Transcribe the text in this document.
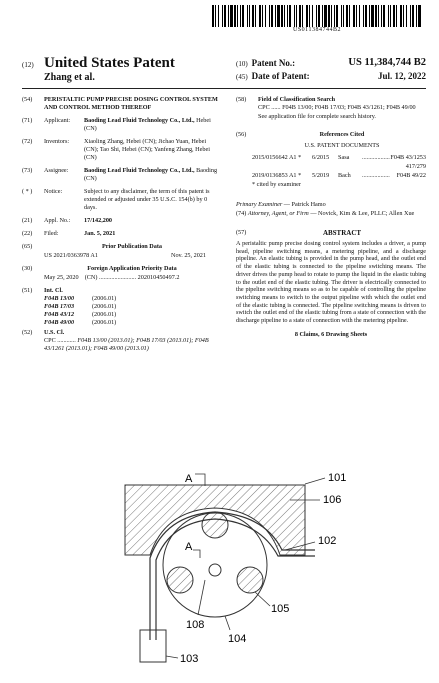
US011384744B2
(12) United States Patent
Zhang et al.
(10) Patent No.:	US 11,384,744 B2
(45) Date of Patent:	Jul. 12, 2022
(54)	PERISTALTIC PUMP PRECISE DOSING CONTROL SYSTEM AND CONTROL METHOD THEREOF
(71)	Applicant:	Baoding Lead Fluid Technology Co., Ltd., Hebei (CN)
(72)	Inventors:	Xiaoling Zhang, Hebei (CN); Jichao Yuan, Hebei (CN); Tao Shi, Hebei (CN); Yanfeng Zhang, Hebei (CN)
(73)	Assignee:	Baoding Lead Fluid Technology Co., Ltd., Baoding (CN)
( * )	Notice:	Subject to any disclaimer, the term of this patent is extended or adjusted under 35 U.S.C. 154(b) by 0 days.
(21)	Appl. No.:	17/142,200
(22)	Filed:	Jan. 5, 2021
(65)	Prior Publication Data
US 2021/0363978 A1	Nov. 25, 2021
(30)	Foreign Application Priority Data
May 25, 2020 (CN) ........................ 202010450497.2
(51)	Int. Cl.
F04B 13/00	(2006.01)
F04B 17/03	(2006.01)
F04B 43/12	(2006.01)
F04B 49/00	(2006.01)
(52)	U.S. Cl.
CPC ............ F04B 13/00 (2013.01); F04B 17/03 (2013.01); F04B 43/1261 (2013.01); F04B 49/00 (2013.01)
(58)	Field of Classification Search
CPC ...... F04B 13/00; F04B 17/03; F04B 43/1261; F04B 49/00
See application file for complete search history.
(56)	References Cited
U.S. PATENT DOCUMENTS
2015/0156642 A1 *	6/2015	Sasa	.................. F04B 43/1253
417/279
2019/0136853 A1 *	5/2019	Bach	..................	F04B 49/22
* cited by examiner
Primary Examiner — Patrick Hamo
(74) Attorney, Agent, or Firm — Novick, Kim & Lee, PLLC; Allen Xue
(57)	ABSTRACT
A peristaltic pump precise dosing control system includes a driver, a pump head, pipeline switching means, a metering pipeline, and a discharge pipeline. An elastic tubing is provided in the pump head, and the outlet end of the elastic tubing is connected to the pipeline switching means. The driver drives the pump head to rotate to pump the liquid in the elastic tubing to the outlet end of the elastic tubing. The driver is electrically connected to the pipeline switching means so as to be capable of controlling the pipeline switching means to switch to the output pipeline with which the outlet end of the elastic tubing is connected. The pipeline switching means is driven to switch the outlet end of the elastic tubing from a state of connection with the discharge pipeline to a state of connection with the metering pipeline.
8 Claims, 6 Drawing Sheets
101
106
A
102
A
103
105
104
108
